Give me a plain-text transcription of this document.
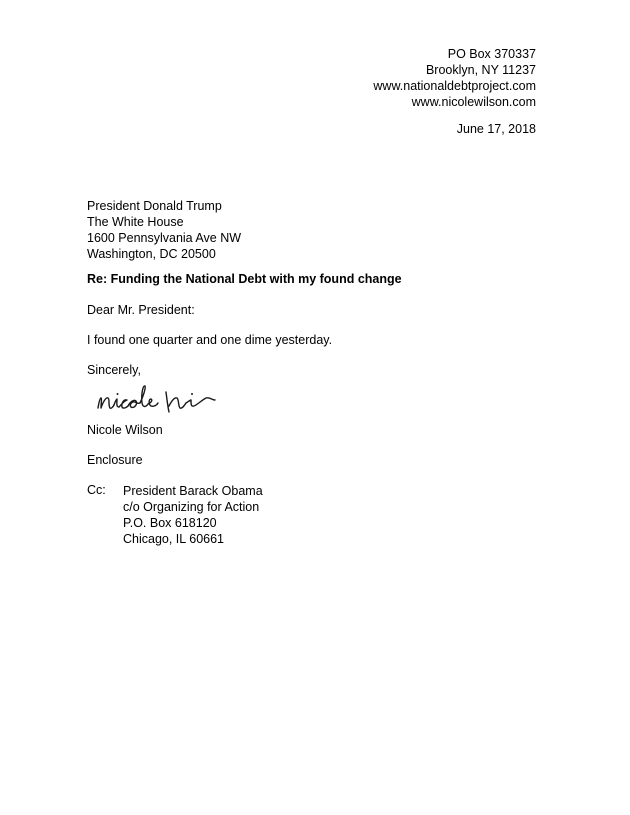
PO Box 370337
Brooklyn, NY 11237
www.nationaldebtproject.com
www.nicolewilson.com
June 17, 2018
President Donald Trump
The White House
1600 Pennsylvania Ave NW
Washington, DC 20500
Re: Funding the National Debt with my found change
Dear Mr. President:
I found one quarter and one dime yesterday.
Sincerely,
Nicole Wilson
Enclosure
Cc: President Barack Obama
c/o Organizing for Action
P.O. Box 618120
Chicago, IL 60661
